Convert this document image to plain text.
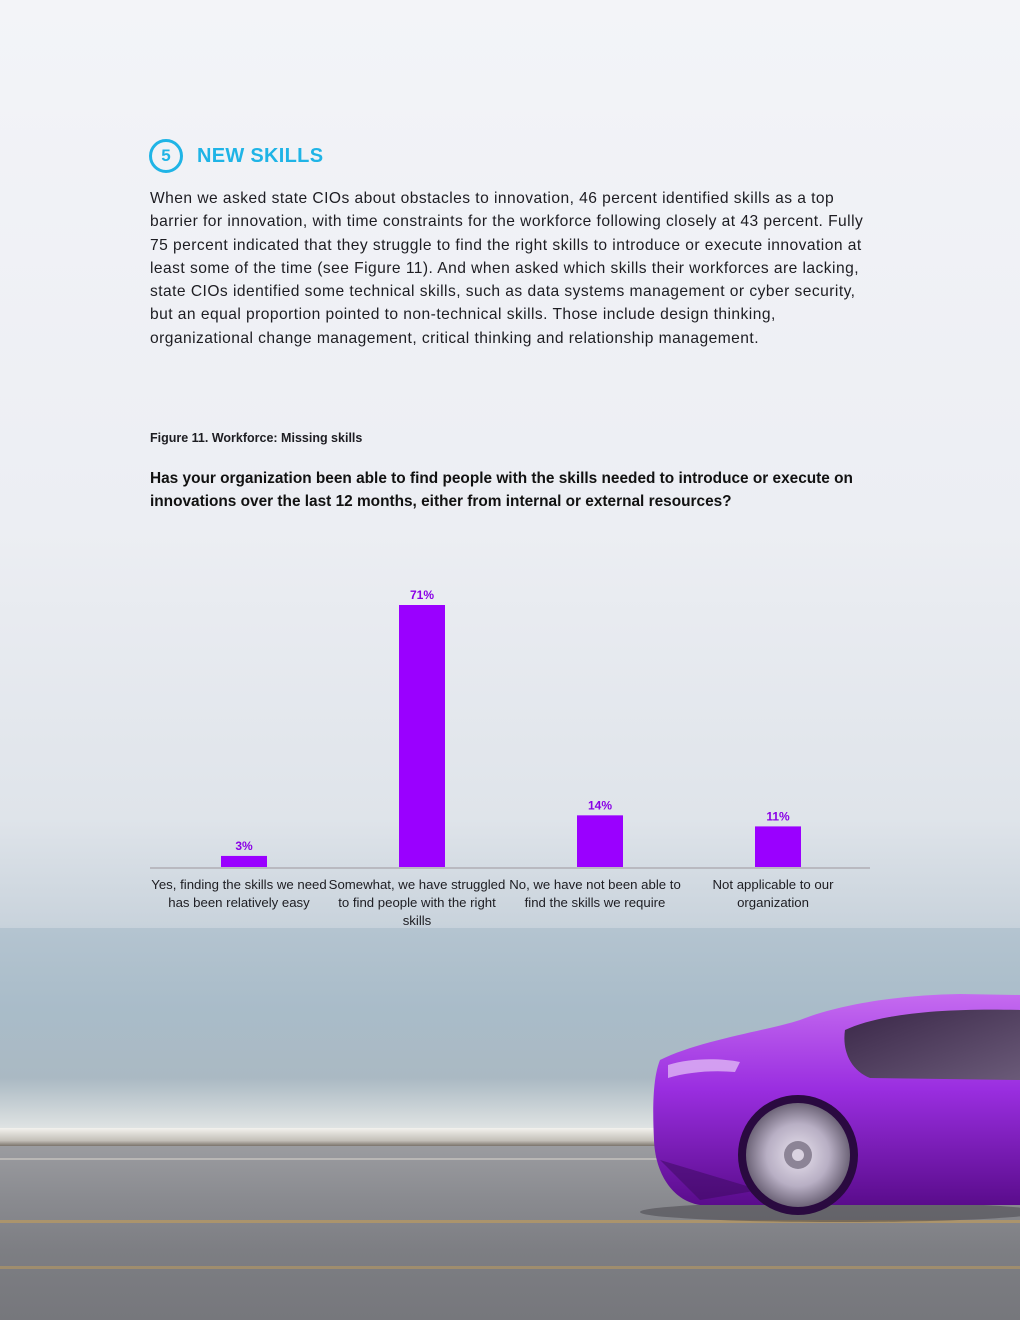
5 NEW SKILLS

When we asked state CIOs about obstacles to innovation, 46 percent identified skills as a top barrier for innovation, with time constraints for the workforce following closely at 43 percent. Fully 75 percent indicated that they struggle to find the right skills to introduce or execute innovation at least some of the time (see Figure 11). And when asked which skills their workforces are lacking, state CIOs identified some technical skills, such as data systems management or cyber security, but an equal proportion pointed to non-technical skills. Those include design thinking, organizational change management, critical thinking and relationship management.

Figure 11. Workforce: Missing skills
Has your organization been able to find people with the skills needed to introduce or execute on innovations over the last 12 months, either from internal or external resources?
3%
71%
14%
11%
Yes, finding the skills we need has been relatively easy
Somewhat, we have struggled to find people with the right skills
No, we have not been able to find the skills we require
Not applicable to our organization
